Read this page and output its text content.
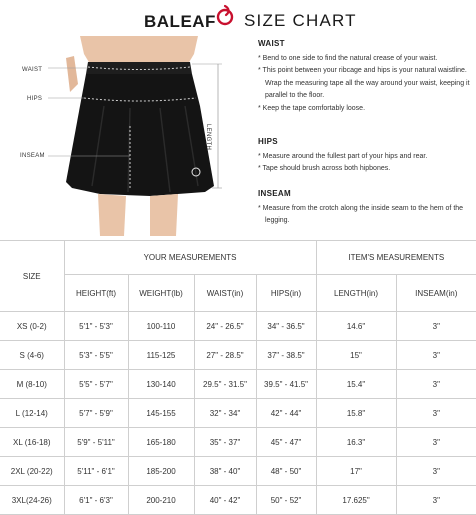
BALEAF SIZE CHART
WAIST
HIPS
INSEAM
LENGTH
WAIST

* Bend to one side to find the natural crease of your waist.

* This point between your ribcage and hips is your natural waistline. Wrap the measuring tape all the way around your waist, keeping it parallel to the floor.

* Keep the tape comfortably loose.

HIPS

* Measure around the fullest part of your hips and rear.

* Tape should brush across both hipbones.

INSEAM

* Measure from the crotch along the inside seam to the hem of the legging.

SIZE	YOUR MEASUREMENTS				ITEM'S MEASUREMENTS	
	HEIGHT(ft)	WEIGHT(lb)	WAIST(in)	HIPS(in)	LENGTH(in)	INSEAM(in)
XS (0-2)	5'1" - 5'3"	100-110	24" - 26.5"	34" - 36.5"	14.6"	3"
S (4-6)	5'3" - 5'5"	115-125	27" - 28.5"	37" - 38.5"	15"	3"
M (8-10)	5'5" - 5'7"	130-140	29.5" - 31.5"	39.5" - 41.5"	15.4"	3"
L (12-14)	5'7" - 5'9"	145-155	32" - 34"	42" - 44"	15.8"	3"
XL (16-18)	5'9" - 5'11"	165-180	35" - 37"	45" - 47"	16.3"	3"
2XL (20-22)	5'11" - 6'1"	185-200	38" - 40"	48" - 50"	17"	3"
3XL(24-26)	6'1" - 6'3"	200-210	40" - 42"	50" - 52"	17.625"	3"
